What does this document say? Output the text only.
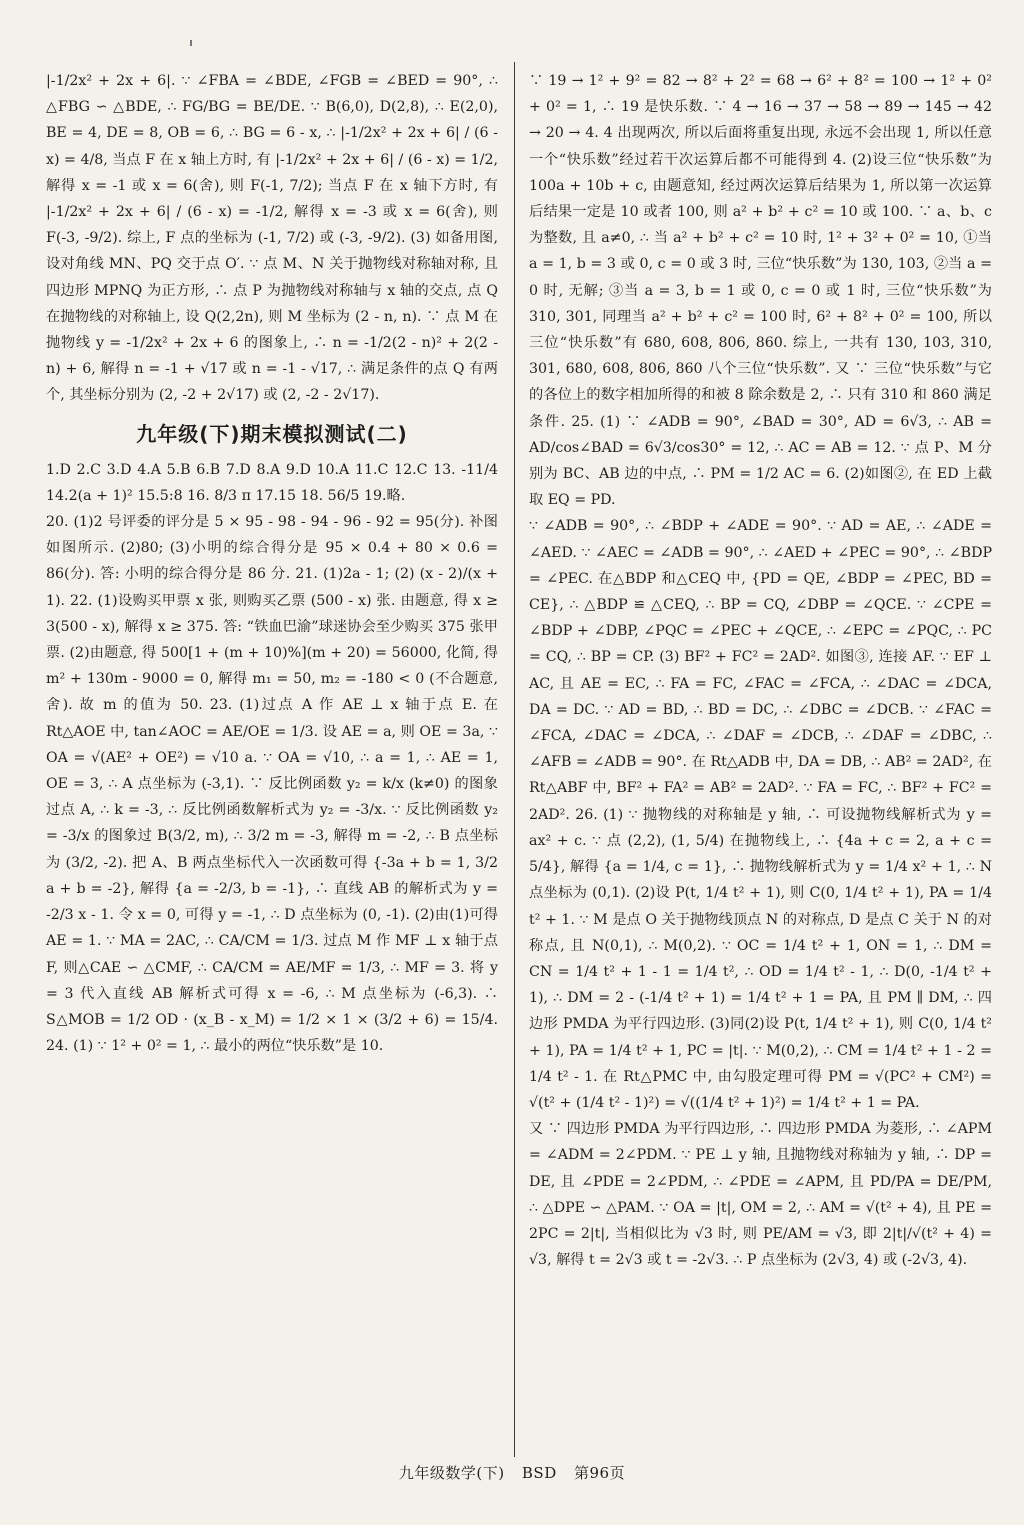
|-1/2x² + 2x + 6|. ∵ ∠FBA = ∠BDE, ∠FGB = ∠BED = 90°, ∴ △FBG ∽ △BDE, ∴ FG/BG = BE/DE. ∵ B(6,0), D(2,8), ∴ E(2,0), BE = 4, DE = 8, OB = 6, ∴ BG = 6 - x, ∴ |-1/2x² + 2x + 6| / (6 - x) = 4/8, 当点 F 在 x 轴上方时, 有 |-1/2x² + 2x + 6| / (6 - x) = 1/2, 解得 x = -1 或 x = 6(舍), 则 F(-1, 7/2); 当点 F 在 x 轴下方时, 有 |-1/2x² + 2x + 6| / (6 - x) = -1/2, 解得 x = -3 或 x = 6(舍), 则 F(-3, -9/2). 综上, F 点的坐标为 (-1, 7/2) 或 (-3, -9/2). (3) 如备用图, 设对角线 MN、PQ 交于点 O′. ∵ 点 M、N 关于抛物线对称轴对称, 且四边形 MPNQ 为正方形, ∴ 点 P 为抛物线对称轴与 x 轴的交点, 点 Q 在抛物线的对称轴上, 设 Q(2,2n), 则 M 坐标为 (2 - n, n). ∵ 点 M 在抛物线 y = -1/2x² + 2x + 6 的图象上, ∴ n = -1/2(2 - n)² + 2(2 - n) + 6, 解得 n = -1 + √17 或 n = -1 - √17, ∴ 满足条件的点 Q 有两个, 其坐标分别为 (2, -2 + 2√17) 或 (2, -2 - 2√17).

九年级(下)期末模拟测试(二)

1.D 2.C 3.D 4.A 5.B 6.B 7.D 8.A 9.D 10.A 11.C 12.C 13. -11/4 14.2(a + 1)² 15.5:8 16. 8/3 π 17.15 18. 56/5 19.略.

20. (1)2 号评委的评分是 5 × 95 - 98 - 94 - 96 - 92 = 95(分). 补图如图所示. (2)80; (3)小明的综合得分是 95 × 0.4 + 80 × 0.6 = 86(分). 答: 小明的综合得分是 86 分. 21. (1)2a - 1; (2) (x - 2)/(x + 1). 22. (1)设购买甲票 x 张, 则购买乙票 (500 - x) 张. 由题意, 得 x ≥ 3(500 - x), 解得 x ≥ 375. 答: “铁血巴渝”球迷协会至少购买 375 张甲票. (2)由题意, 得 500[1 + (m + 10)%](m + 20) = 56000, 化简, 得 m² + 130m - 9000 = 0, 解得 m₁ = 50, m₂ = -180 < 0 (不合题意, 舍). 故 m 的值为 50. 23. (1)过点 A 作 AE ⊥ x 轴于点 E. 在 Rt△AOE 中, tan∠AOC = AE/OE = 1/3. 设 AE = a, 则 OE = 3a, ∵ OA = √(AE² + OE²) = √10 a. ∵ OA = √10, ∴ a = 1, ∴ AE = 1, OE = 3, ∴ A 点坐标为 (-3,1). ∵ 反比例函数 y₂ = k/x (k≠0) 的图象过点 A, ∴ k = -3, ∴ 反比例函数解析式为 y₂ = -3/x. ∵ 反比例函数 y₂ = -3/x 的图象过 B(3/2, m), ∴ 3/2 m = -3, 解得 m = -2, ∴ B 点坐标为 (3/2, -2). 把 A、B 两点坐标代入一次函数可得 {-3a + b = 1, 3/2 a + b = -2}, 解得 {a = -2/3, b = -1}, ∴ 直线 AB 的解析式为 y = -2/3 x - 1. 令 x = 0, 可得 y = -1, ∴ D 点坐标为 (0, -1). (2)由(1)可得 AE = 1. ∵ MA = 2AC, ∴ CA/CM = 1/3. 过点 M 作 MF ⊥ x 轴于点 F, 则△CAE ∽ △CMF, ∴ CA/CM = AE/MF = 1/3, ∴ MF = 3. 将 y = 3 代入直线 AB 解析式可得 x = -6, ∴ M 点坐标为 (-6,3). ∴ S△MOB = 1/2 OD · (x_B - x_M) = 1/2 × 1 × (3/2 + 6) = 15/4. 24. (1) ∵ 1² + 0² = 1, ∴ 最小的两位“快乐数”是 10.

∵ 19 → 1² + 9² = 82 → 8² + 2² = 68 → 6² + 8² = 100 → 1² + 0² + 0² = 1, ∴ 19 是快乐数. ∵ 4 → 16 → 37 → 58 → 89 → 145 → 42 → 20 → 4. 4 出现两次, 所以后面将重复出现, 永远不会出现 1, 所以任意一个“快乐数”经过若干次运算后都不可能得到 4. (2)设三位“快乐数”为 100a + 10b + c, 由题意知, 经过两次运算后结果为 1, 所以第一次运算后结果一定是 10 或者 100, 则 a² + b² + c² = 10 或 100. ∵ a、b、c 为整数, 且 a≠0, ∴ 当 a² + b² + c² = 10 时, 1² + 3² + 0² = 10, ①当 a = 1, b = 3 或 0, c = 0 或 3 时, 三位“快乐数”为 130, 103, ②当 a = 0 时, 无解; ③当 a = 3, b = 1 或 0, c = 0 或 1 时, 三位“快乐数”为 310, 301, 同理当 a² + b² + c² = 100 时, 6² + 8² + 0² = 100, 所以三位“快乐数”有 680, 608, 806, 860. 综上, 一共有 130, 103, 310, 301, 680, 608, 806, 860 八个三位“快乐数”. 又 ∵ 三位“快乐数”与它的各位上的数字相加所得的和被 8 除余数是 2, ∴ 只有 310 和 860 满足条件. 25. (1) ∵ ∠ADB = 90°, ∠BAD = 30°, AD = 6√3, ∴ AB = AD/cos∠BAD = 6√3/cos30° = 12, ∴ AC = AB = 12. ∵ 点 P、M 分别为 BC、AB 边的中点, ∴ PM = 1/2 AC = 6. (2)如图②, 在 ED 上截取 EQ = PD.

∵ ∠ADB = 90°, ∴ ∠BDP + ∠ADE = 90°. ∵ AD = AE, ∴ ∠ADE = ∠AED. ∵ ∠AEC = ∠ADB = 90°, ∴ ∠AED + ∠PEC = 90°, ∴ ∠BDP = ∠PEC. 在△BDP 和△CEQ 中, {PD = QE, ∠BDP = ∠PEC, BD = CE}, ∴ △BDP ≌ △CEQ, ∴ BP = CQ, ∠DBP = ∠QCE. ∵ ∠CPE = ∠BDP + ∠DBP, ∠PQC = ∠PEC + ∠QCE, ∴ ∠EPC = ∠PQC, ∴ PC = CQ, ∴ BP = CP. (3) BF² + FC² = 2AD². 如图③, 连接 AF. ∵ EF ⊥ AC, 且 AE = EC, ∴ FA = FC, ∠FAC = ∠FCA, ∴ ∠DAC = ∠DCA, DA = DC. ∵ AD = BD, ∴ BD = DC, ∴ ∠DBC = ∠DCB. ∵ ∠FAC = ∠FCA, ∠DAC = ∠DCA, ∴ ∠DAF = ∠DCB, ∴ ∠DAF = ∠DBC, ∴ ∠AFB = ∠ADB = 90°. 在 Rt△ADB 中, DA = DB, ∴ AB² = 2AD², 在 Rt△ABF 中, BF² + FA² = AB² = 2AD². ∵ FA = FC, ∴ BF² + FC² = 2AD². 26. (1) ∵ 抛物线的对称轴是 y 轴, ∴ 可设抛物线解析式为 y = ax² + c. ∵ 点 (2,2), (1, 5/4) 在抛物线上, ∴ {4a + c = 2, a + c = 5/4}, 解得 {a = 1/4, c = 1}, ∴ 抛物线解析式为 y = 1/4 x² + 1, ∴ N 点坐标为 (0,1). (2)设 P(t, 1/4 t² + 1), 则 C(0, 1/4 t² + 1), PA = 1/4 t² + 1. ∵ M 是点 O 关于抛物线顶点 N 的对称点, D 是点 C 关于 N 的对称点, 且 N(0,1), ∴ M(0,2). ∵ OC = 1/4 t² + 1, ON = 1, ∴ DM = CN = 1/4 t² + 1 - 1 = 1/4 t², ∴ OD = 1/4 t² - 1, ∴ D(0, -1/4 t² + 1), ∴ DM = 2 - (-1/4 t² + 1) = 1/4 t² + 1 = PA, 且 PM ∥ DM, ∴ 四边形 PMDA 为平行四边形. (3)同(2)设 P(t, 1/4 t² + 1), 则 C(0, 1/4 t² + 1), PA = 1/4 t² + 1, PC = |t|. ∵ M(0,2), ∴ CM = 1/4 t² + 1 - 2 = 1/4 t² - 1. 在 Rt△PMC 中, 由勾股定理可得 PM = √(PC² + CM²) = √(t² + (1/4 t² - 1)²) = √((1/4 t² + 1)²) = 1/4 t² + 1 = PA.

又 ∵ 四边形 PMDA 为平行四边形, ∴ 四边形 PMDA 为菱形, ∴ ∠APM = ∠ADM = 2∠PDM. ∵ PE ⊥ y 轴, 且抛物线对称轴为 y 轴, ∴ DP = DE, 且 ∠PDE = 2∠PDM, ∴ ∠PDE = ∠APM, 且 PD/PA = DE/PM, ∴ △DPE ∽ △PAM. ∵ OA = |t|, OM = 2, ∴ AM = √(t² + 4), 且 PE = 2PC = 2|t|, 当相似比为 √3 时, 则 PE/AM = √3, 即 2|t|/√(t² + 4) = √3, 解得 t = 2√3 或 t = -2√3. ∴ P 点坐标为 (2√3, 4) 或 (-2√3, 4).

九年级数学(下) BSD 第96页
